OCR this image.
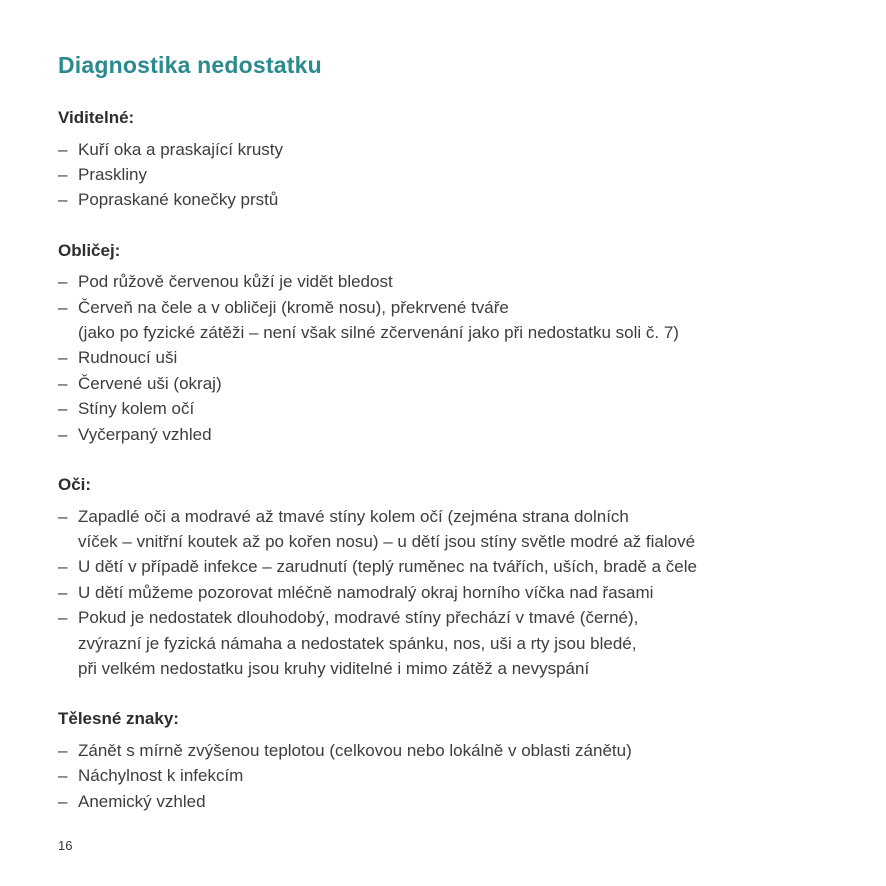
Diagnostika nedostatku
Viditelné:
– Kuří oka a praskající krusty
– Praskliny
– Popraskané konečky prstů
Obličej:
– Pod růžově červenou kůží je vidět bledost
– Červeň na čele a v obličeji (kromě nosu), překrvené tváře
(jako po fyzické zátěži – není však silné zčervenání jako při nedostatku soli č. 7)
– Rudnoucí uši
– Červené uši (okraj)
– Stíny kolem očí
– Vyčerpaný vzhled
Oči:
– Zapadlé oči a modravé až tmavé stíny kolem očí (zejména strana dolních
víček – vnitřní koutek až po kořen nosu) – u dětí jsou stíny světle modré až fialové
– U dětí v případě infekce – zarudnutí (teplý ruměnec na tvářích, uších, bradě a čele
– U dětí můžeme pozorovat mléčně namodralý okraj horního víčka nad řasami
– Pokud je nedostatek dlouhodobý, modravé stíny přechází v tmavé (černé),
zvýrazní je fyzická námaha a nedostatek spánku, nos, uši a rty jsou bledé,
při velkém nedostatku jsou kruhy viditelné i mimo zátěž a nevyspání
Tělesné znaky:
– Zánět s mírně zvýšenou teplotou (celkovou nebo lokálně v oblasti zánětu)
– Náchylnost k infekcím
– Anemický vzhled
16
